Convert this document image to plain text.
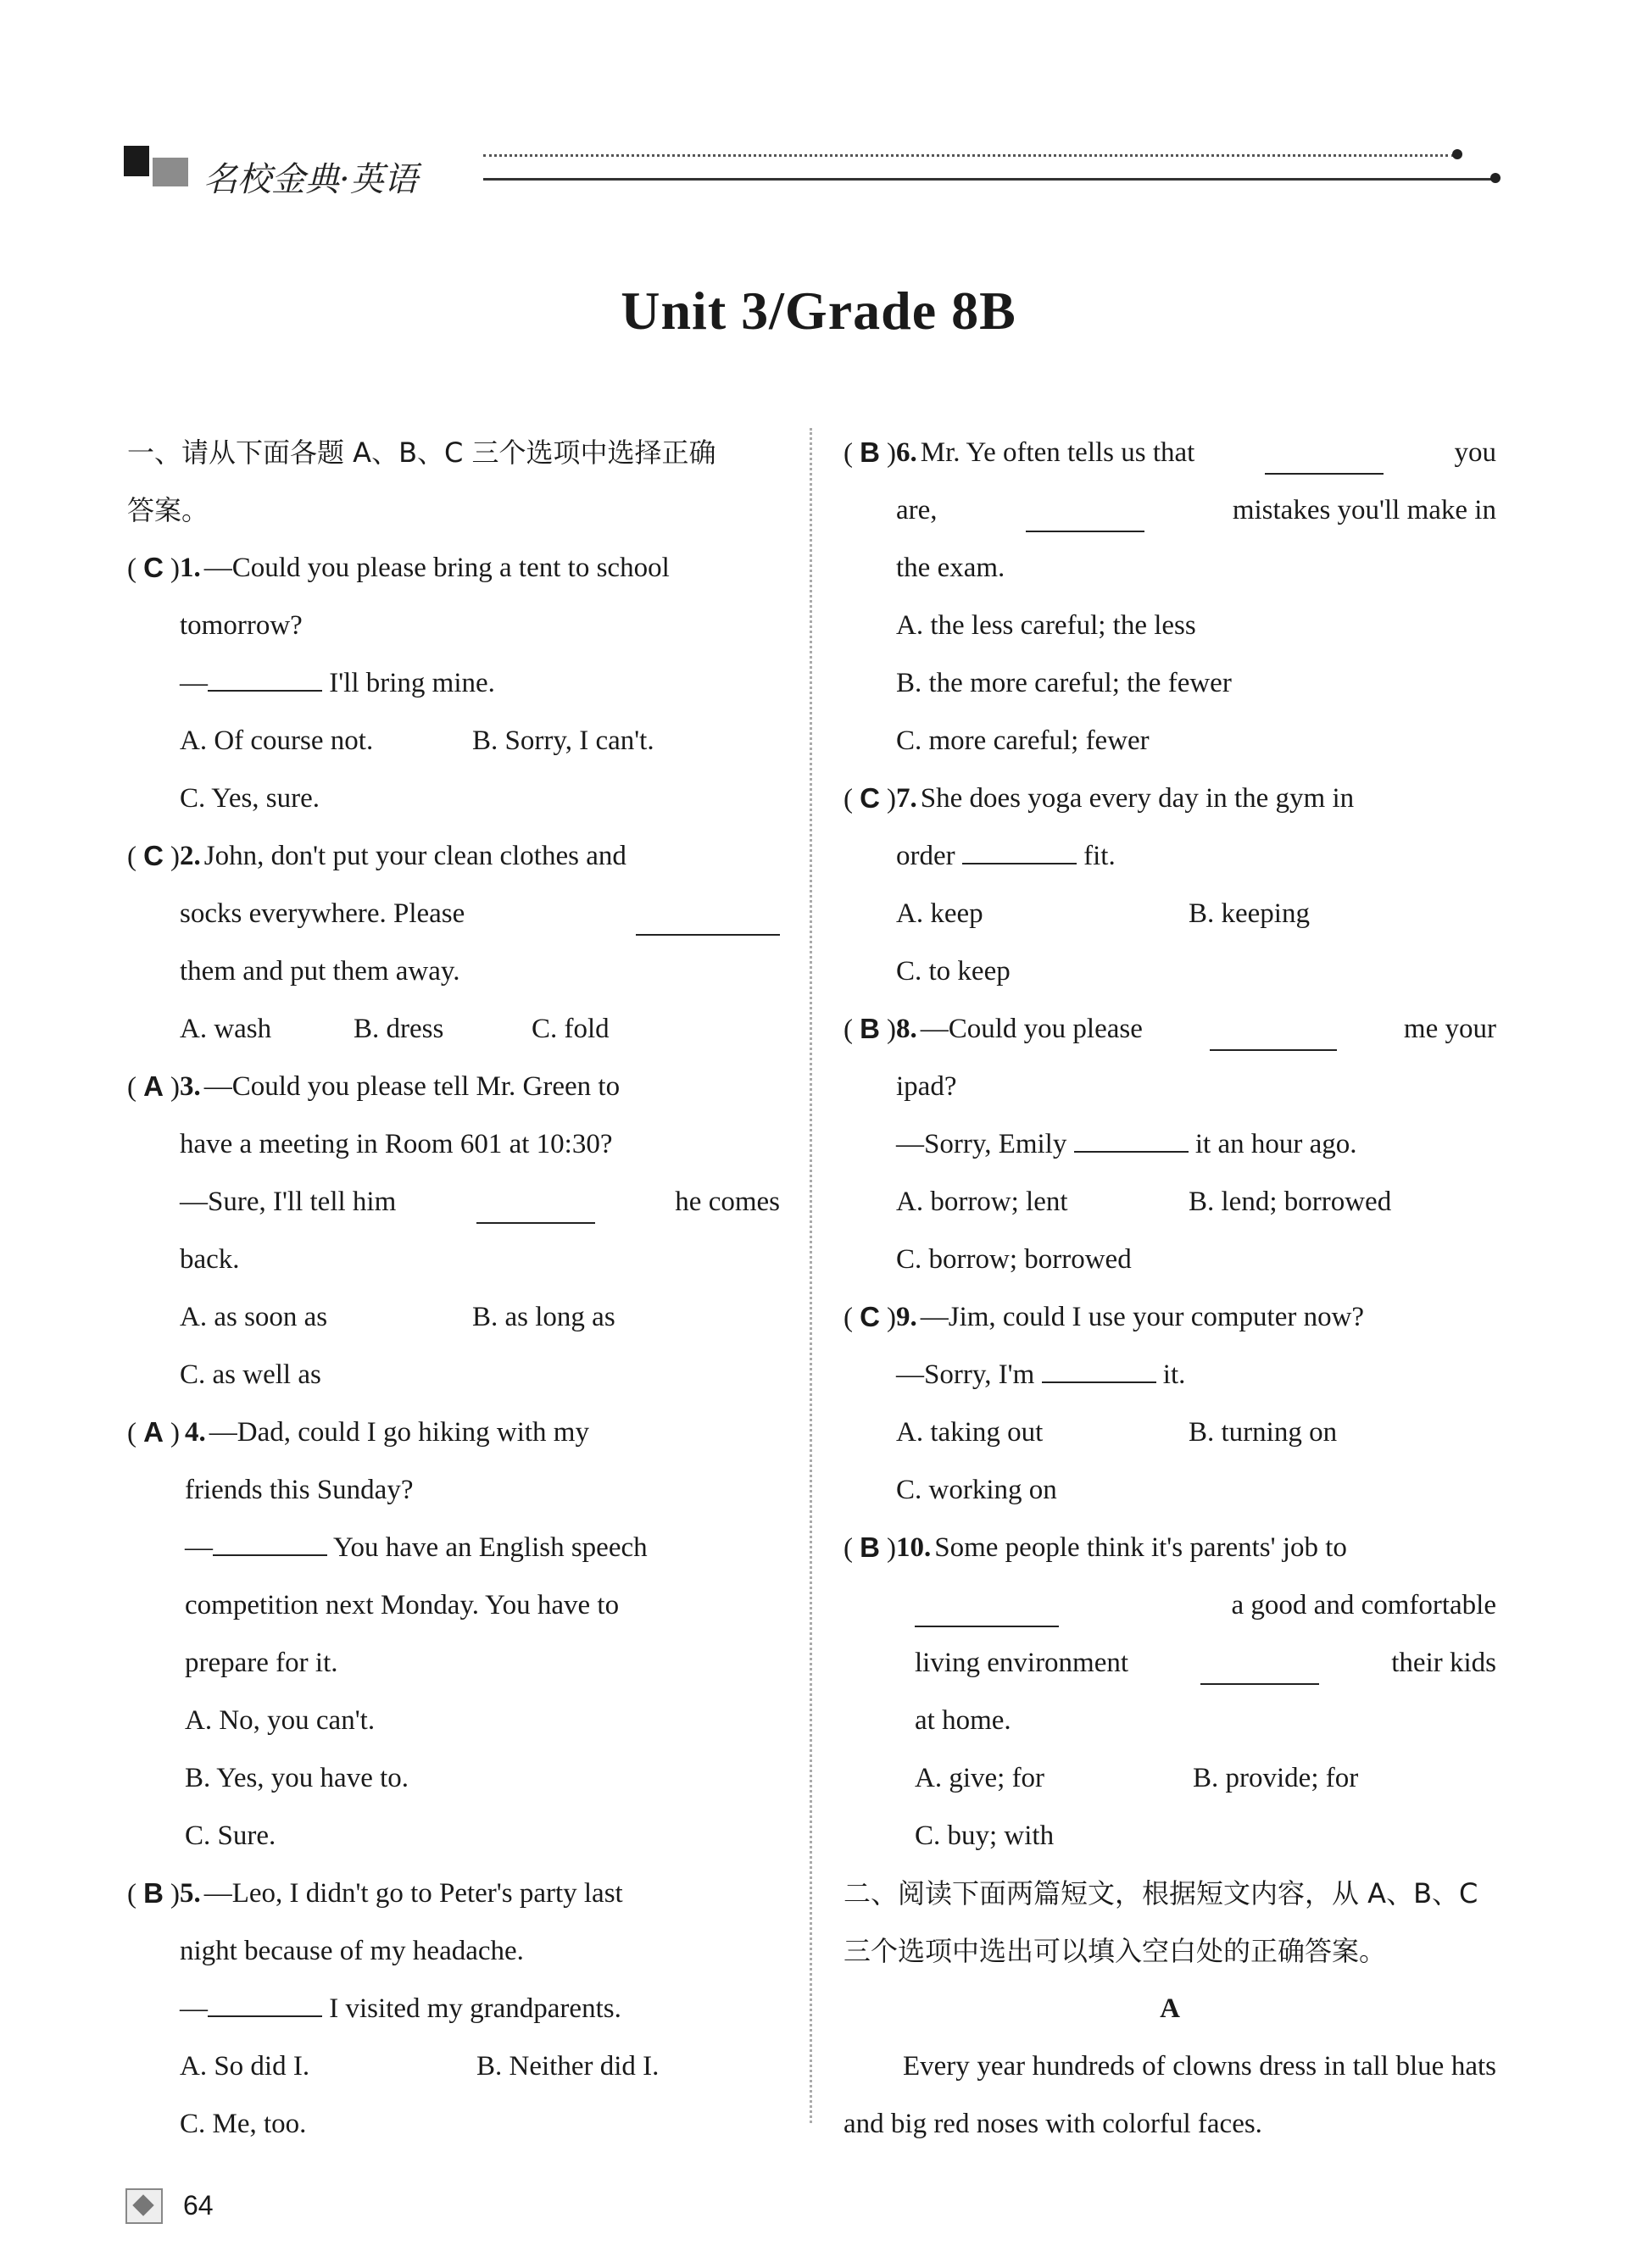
名校金典·英语
Unit 3/Grade 8B
一、请从下面各题 A、B、C 三个选项中选择正确
答案。
( C ) 1. —Could you please bring a tent to school
tomorrow?
—	I'll bring mine.
A. Of course not.	B. Sorry, I can't.
C. Yes, sure.
( C ) 2. John, don't put your clean clothes and
socks everywhere. Please
them and put them away.
A. wash	B. dress	C. fold
( A ) 3. —Could you please tell Mr. Green to
have a meeting in Room 601 at 10:30?
—Sure, I'll tell him	he comes
back.
A. as soon as	B. as long as
C. as well as
( A ) 4. —Dad, could I go hiking with my
friends this Sunday?
—	You have an English speech
competition next Monday. You have to
prepare for it.
A. No, you can't.
B. Yes, you have to.
C. Sure.
( B ) 5. —Leo, I didn't go to Peter's party last
night because of my headache.
—	I visited my grandparents.
A. So did I.	B. Neither did I.
C. Me, too.
( B ) 6. Mr. Ye often tells us that	you
are,	mistakes you'll make in
the exam.
A. the less careful; the less
B. the more careful; the fewer
C. more careful; fewer
( C ) 7. She does yoga every day in the gym in
order	fit.
A. keep	B. keeping
C. to keep
( B ) 8. —Could you please	me your
ipad?
—Sorry, Emily	it an hour ago.
A. borrow; lent	B. lend; borrowed
C. borrow; borrowed
( C ) 9. —Jim, could I use your computer now?
—Sorry, I'm	it.
A. taking out	B. turning on
C. working on
( B ) 10. Some people think it's parents' job to
a good and comfortable
living environment	their kids
at home.
A. give; for	B. provide; for
C. buy; with
二、阅读下面两篇短文，根据短文内容，从 A、B、C
三个选项中选出可以填入空白处的正确答案。
A
Every year hundreds of clowns dress in tall blue hats and big red noses with colorful faces.
64
